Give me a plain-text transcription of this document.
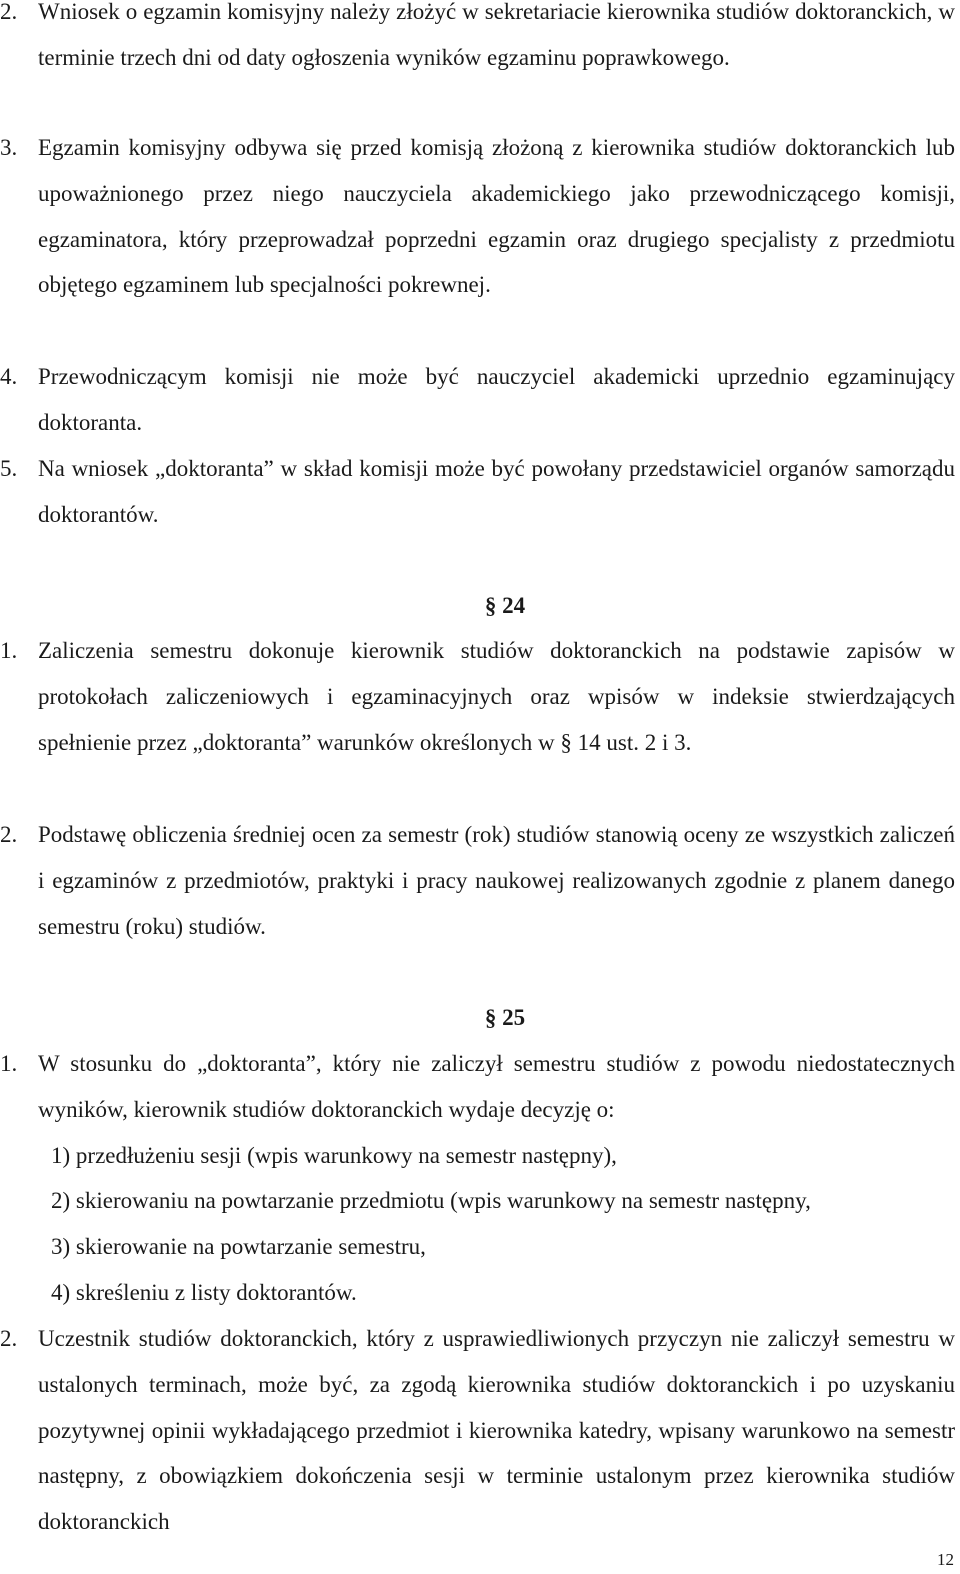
2. Wniosek o egzamin komisyjny należy złożyć w sekretariacie kierownika studiów doktoranckich, w terminie trzech dni od daty ogłoszenia wyników egzaminu poprawkowego.
3. Egzamin komisyjny odbywa się przed komisją złożoną z kierownika studiów doktoranckich lub upoważnionego przez niego nauczyciela akademickiego jako przewodniczącego komisji, egzaminatora, który przeprowadzał poprzedni egzamin oraz drugiego specjalisty z przedmiotu objętego egzaminem lub specjalności pokrewnej.
4. Przewodniczącym komisji nie może być nauczyciel akademicki uprzednio egzaminujący doktoranta.
5. Na wniosek „doktoranta” w skład komisji może być powołany przedstawiciel organów samorządu doktorantów.
§ 24
1. Zaliczenia semestru dokonuje kierownik studiów doktoranckich na podstawie zapisów w protokołach zaliczeniowych i egzaminacyjnych oraz wpisów w indeksie stwierdzających spełnienie przez „doktoranta” warunków określonych w § 14 ust. 2 i 3.
2. Podstawę obliczenia średniej ocen za semestr (rok) studiów stanowią oceny ze wszystkich zaliczeń i egzaminów z przedmiotów, praktyki i pracy naukowej realizowanych zgodnie z planem danego semestru (roku) studiów.
§ 25
1. W stosunku do „doktoranta”, który nie zaliczył semestru studiów z powodu niedostatecznych wyników, kierownik studiów doktoranckich wydaje decyzję o:
1) przedłużeniu sesji (wpis warunkowy na semestr następny),
2) skierowaniu na powtarzanie przedmiotu (wpis warunkowy na semestr następny,
3) skierowanie na powtarzanie semestru,
4) skreśleniu z listy doktorantów.
2. Uczestnik studiów doktoranckich, który z usprawiedliwionych przyczyn nie zaliczył semestru w ustalonych terminach, może być, za zgodą kierownika studiów doktoranckich i po uzyskaniu pozytywnej opinii wykładającego przedmiot i kierownika katedry, wpisany warunkowo na semestr następny, z obowiązkiem dokończenia sesji w terminie ustalonym przez kierownika studiów doktoranckich
12
